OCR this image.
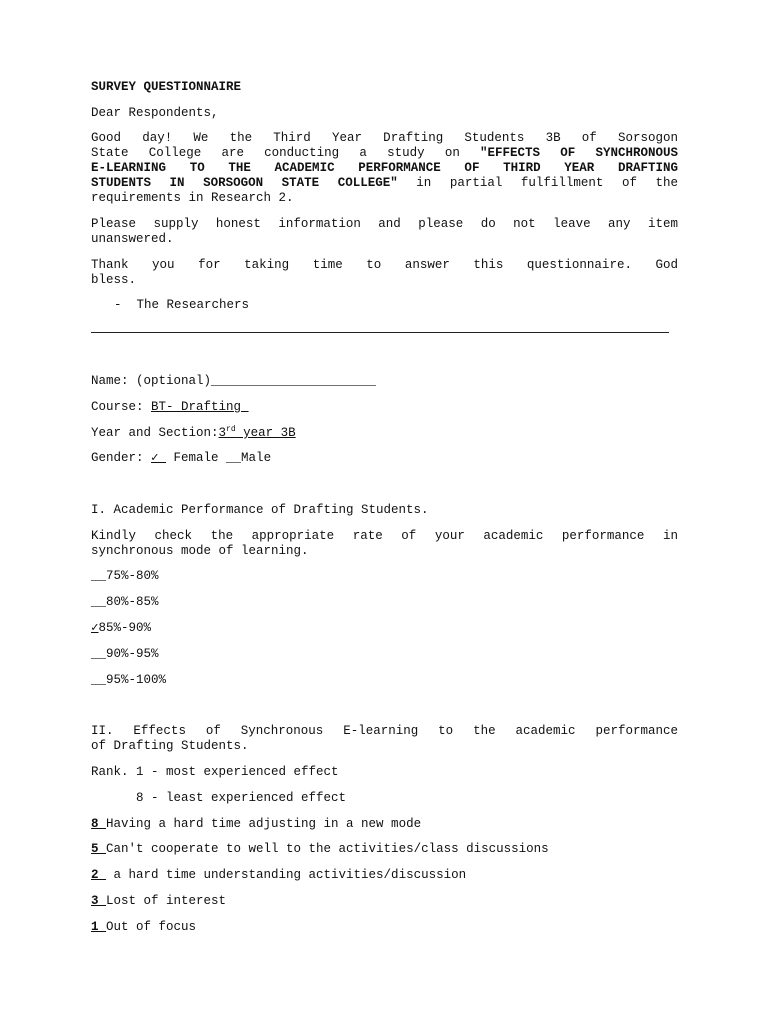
SURVEY QUESTIONNAIRE
Dear Respondents,
Good day! We the Third Year Drafting Students 3B of Sorsogon
State College are conducting a study on "EFFECTS OF SYNCHRONOUS
E-LEARNING TO THE ACADEMIC PERFORMANCE OF THIRD YEAR DRAFTING
STUDENTS IN SORSOGON STATE COLLEGE" in partial fulfillment of the
requirements in Research 2.
Please supply honest information and please do not leave any item
unanswered.
Thank you for taking time to answer this questionnaire. God
bless.
-  The Researchers
Name: (optional)______________________
Course: BT- Drafting
Year and Section:3rd year 3B
Gender: ✓  Female __Male
I. Academic Performance of Drafting Students.
Kindly check the appropriate rate of your academic performance in
synchronous mode of learning.
__75%-80%
__80%-85%
✓85%-90%
__90%-95%
__95%-100%
II. Effects of Synchronous E-learning to the academic performance
of Drafting Students.
Rank. 1 - most experienced effect
8 - least experienced effect
8 Having a hard time adjusting in a new mode
5 Can't cooperate to well to the activities/class discussions
2  a hard time understanding activities/discussion
3 Lost of interest
1 Out of focus
